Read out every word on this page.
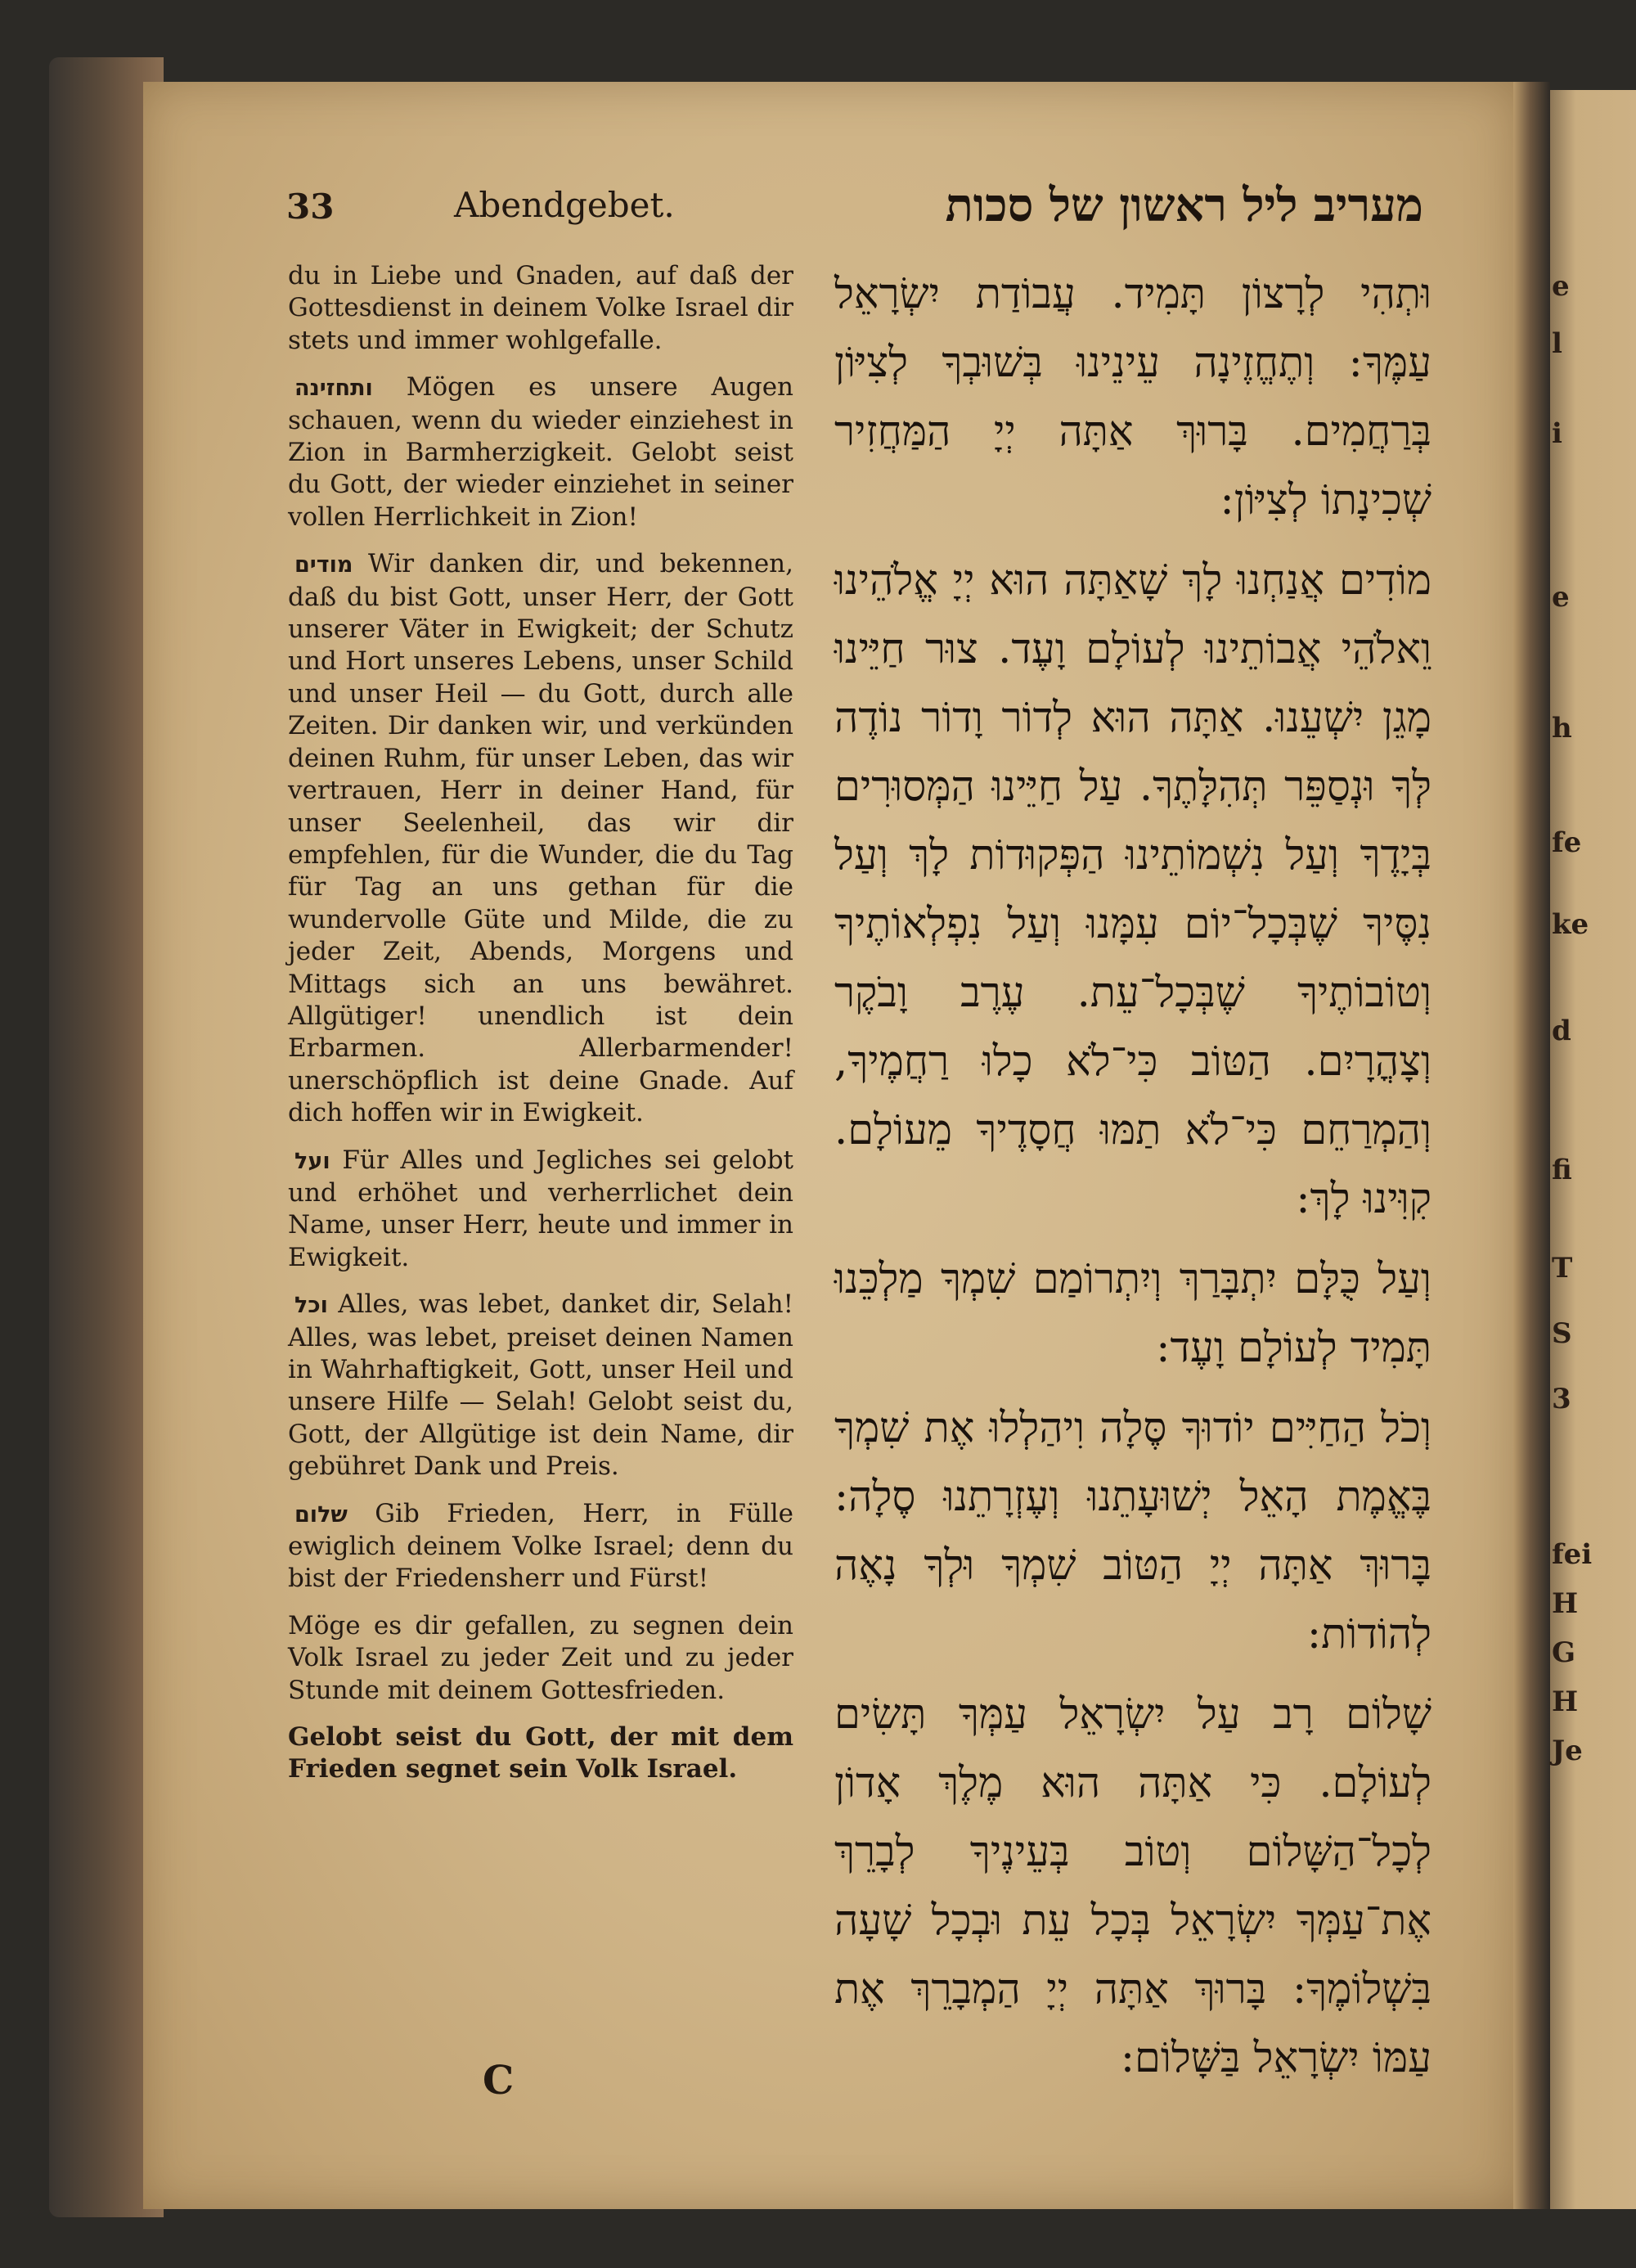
e
l
i
e
h
fe
ke
d
fi
T
S
3
fei
H
G
H
Je
33	Abendgebet.	מעריב ליל ראשון של סכות

du in Liebe und Gnaden, auf daß der Gottesdienst in deinem Volke Israel dir stets und immer wohlgefalle.

ותחזינה Mögen es unsere Augen schauen, wenn du wieder einziehest in Zion in Barmherzigkeit. Gelobt seist du Gott, der wieder einziehet in seiner vollen Herrlichkeit in Zion!

מודים Wir danken dir, und bekennen, daß du bist Gott, unser Herr, der Gott unserer Väter in Ewigkeit; der Schutz und Hort unseres Lebens, unser Schild und unser Heil — du Gott, durch alle Zeiten. Dir danken wir, und verkünden deinen Ruhm, für unser Leben, das wir vertrauen, Herr in deiner Hand, für unser Seelenheil, das wir dir empfehlen, für die Wunder, die du Tag für Tag an uns gethan für die wundervolle Güte und Milde, die zu jeder Zeit, Abends, Morgens und Mittags sich an uns bewähret. Allgütiger! unendlich ist dein Erbarmen. Allerbarmender! unerschöpflich ist deine Gnade. Auf dich hoffen wir in Ewigkeit.

ועל Für Alles und Jegliches sei gelobt und erhöhet und verherrlichet dein Name, unser Herr, heute und immer in Ewigkeit.

וכל Alles, was lebet, danket dir, Selah! Alles, was lebet, preiset deinen Namen in Wahrhaftigkeit, Gott, unser Heil und unsere Hilfe — Selah! Gelobt seist du, Gott, der Allgütige ist dein Name, dir gebühret Dank und Preis.

שלום Gib Frieden, Herr, in Fülle ewiglich deinem Volke Israel; denn du bist der Friedensherr und Fürst!

Möge es dir gefallen, zu segnen dein Volk Israel zu jeder Zeit und zu jeder Stunde mit deinem Gottesfrieden.

Gelobt seist du Gott, der mit dem Frieden segnet sein Volk Israel.

וּתְהִי לְרָצוֹן תָּמִיד. עֲבוֹדַת יִשְׂרָאֵל עַמֶּךָ: וְתֶחֱזֶינָה עֵינֵינוּ בְּשׁוּבְךָ לְצִיּוֹן בְּרַחֲמִים. בָּרוּךְ אַתָּה יְיָ הַמַּחֲזִיר שְׁכִינָתוֹ לְצִיּוֹן:

מוֹדִים אֲנַחְנוּ לָךְ שָׁאַתָּה הוּא יְיָ אֱלֹהֵינוּ וֵאלֹהֵי אֲבוֹתֵינוּ לְעוֹלָם וָעֶד. צוּר חַיֵּינוּ מָגֵן יִשְׁעֵנוּ. אַתָּה הוּא לְדוֹר וָדוֹר נוֹדֶה לְּךָ וּנְסַפֵּר תְּהִלָּתֶךָ. עַל חַיֵּינוּ הַמְּסוּרִים בְּיָדֶךָ וְעַל נִשְׁמוֹתֵינוּ הַפְּקוּדוֹת לָךְ וְעַל נִסֶּיךָ שֶׁבְּכָל־יוֹם עִמָּנוּ וְעַל נִפְלְאוֹתֶיךָ וְטוֹבוֹתֶיךָ שֶׁבְּכָל־עֵת. עֶרֶב וָבֹקֶר וְצָהֳרָיִם. הַטּוֹב כִּי־לֹא כָלוּ רַחֲמֶיךָ, וְהַמְרַחֵם כִּי־לֹא תַמּוּ חֲסָדֶיךָ מֵעוֹלָם. קִוִּינוּ לָךְ:

וְעַל כֻּלָּם יִתְבָּרַךְ וְיִתְרוֹמַם שִׁמְךָ מַלְכֵּנוּ תָּמִיד לְעוֹלָם וָעֶד:

וְכֹל הַחַיִּים יוֹדוּךָ סֶּלָה וִיהַלְלוּ אֶת שִׁמְךָ בֶּאֱמֶת הָאֵל יְשׁוּעָתֵנוּ וְעֶזְרָתֵנוּ סֶלָה: בָּרוּךְ אַתָּה יְיָ הַטּוֹב שִׁמְךָ וּלְךָ נָאֶה לְהוֹדוֹת:

שָׁלוֹם רָב עַל יִשְׂרָאֵל עַמְּךָ תָּשִׂים לְעוֹלָם. כִּי אַתָּה הוּא מֶלֶךְ אָדוֹן לְכָל־הַשָּׁלוֹם וְטוֹב בְּעֵינֶיךָ לְבָרֵךְ אֶת־עַמְּךָ יִשְׂרָאֵל בְּכָל עֵת וּבְכָל שָׁעָה בִּשְׁלוֹמֶךָ: בָּרוּךְ אַתָּה יְיָ הַמְבָרֵךְ אֶת עַמּוֹ יִשְׂרָאֵל בַּשָּׁלוֹם:

C
